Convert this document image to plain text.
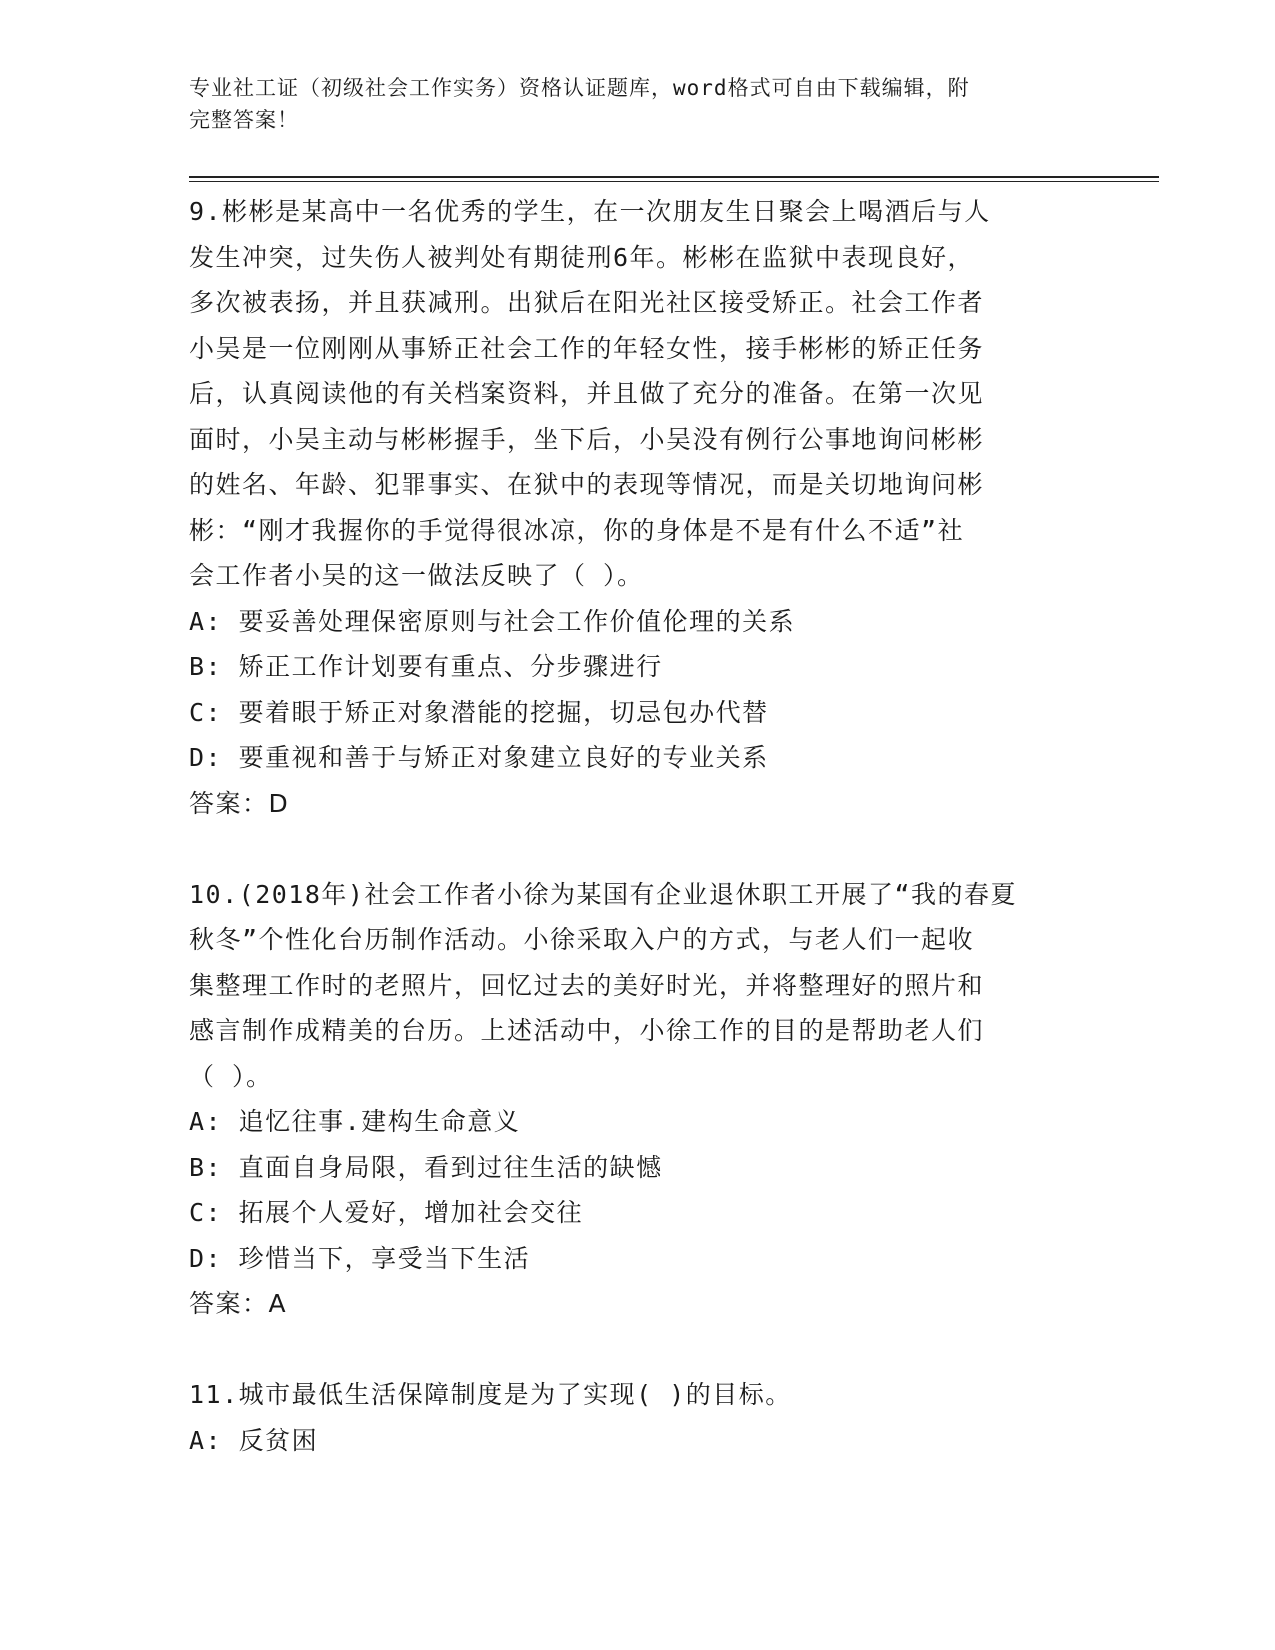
专业社工证（初级社会工作实务）资格认证题库，word格式可自由下载编辑，附
完整答案！

9.彬彬是某高中一名优秀的学生，在一次朋友生日聚会上喝酒后与人
发生冲突，过失伤人被判处有期徒刑6年。彬彬在监狱中表现良好，
多次被表扬，并且获减刑。出狱后在阳光社区接受矫正。社会工作者
小吴是一位刚刚从事矫正社会工作的年轻女性，接手彬彬的矫正任务
后，认真阅读他的有关档案资料，并且做了充分的准备。在第一次见
面时，小吴主动与彬彬握手，坐下后，小吴没有例行公事地询问彬彬
的姓名、年龄、犯罪事实、在狱中的表现等情况，而是关切地询问彬
彬：“刚才我握你的手觉得很冰凉，你的身体是不是有什么不适”社
会工作者小吴的这一做法反映了（ ）。

A: 要妥善处理保密原则与社会工作价值伦理的关系

B: 矫正工作计划要有重点、分步骤进行

C: 要着眼于矫正对象潜能的挖掘，切忌包办代替

D: 要重视和善于与矫正对象建立良好的专业关系

答案：D

10.(2018年)社会工作者小徐为某国有企业退休职工开展了“我的春夏
秋冬”个性化台历制作活动。小徐采取入户的方式，与老人们一起收
集整理工作时的老照片，回忆过去的美好时光，并将整理好的照片和
感言制作成精美的台历。上述活动中，小徐工作的目的是帮助老人们
（ ）。

A: 追忆往事.建构生命意义

B: 直面自身局限，看到过往生活的缺憾

C: 拓展个人爱好，增加社会交往

D: 珍惜当下，享受当下生活

答案：A

11.城市最低生活保障制度是为了实现( )的目标。

A: 反贫困
